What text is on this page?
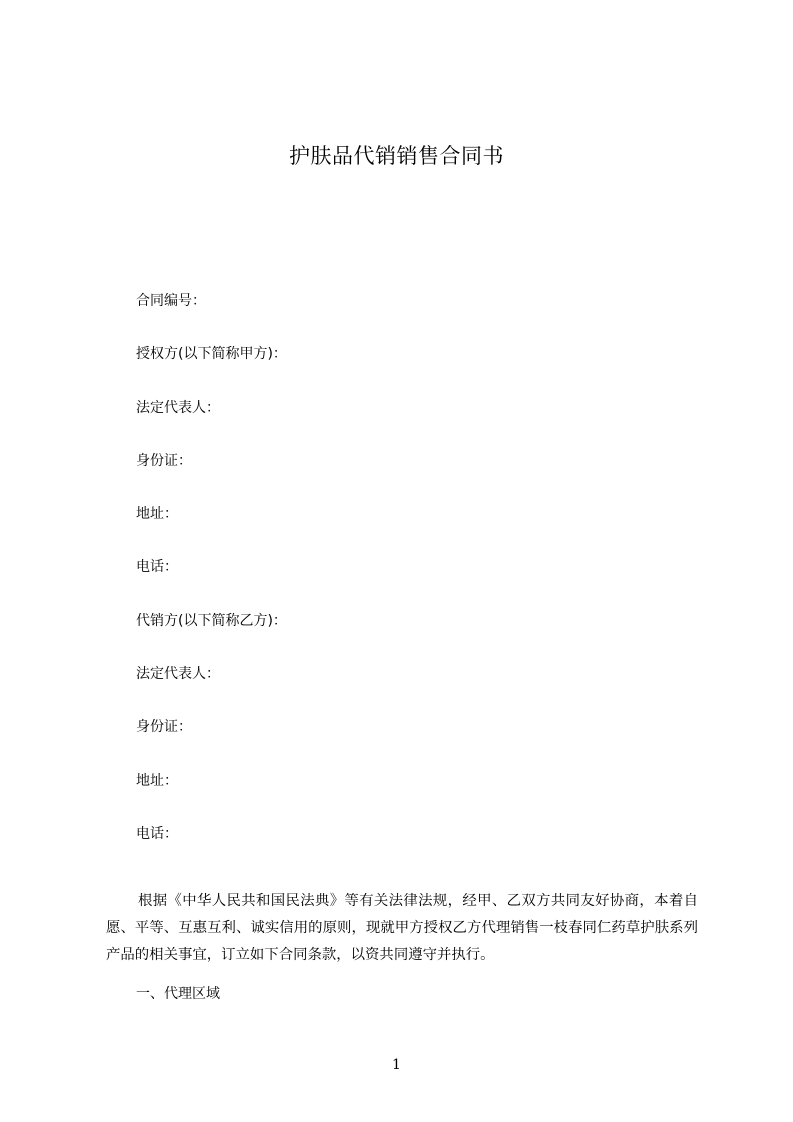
护肤品代销销售合同书
合同编号：
授权方(以下简称甲方)：
法定代表人：
身份证：
地址：
电话：
代销方(以下简称乙方)：
法定代表人：
身份证：
地址：
电话：

根据《中华人民共和国民法典》等有关法律法规，经甲、乙双方共同友好协商，本着自愿、平等、互惠互利、诚实信用的原则，现就甲方授权乙方代理销售一枝春同仁药草护肤系列产品的相关事宜，订立如下合同条款，以资共同遵守并执行。

一、代理区域
1
